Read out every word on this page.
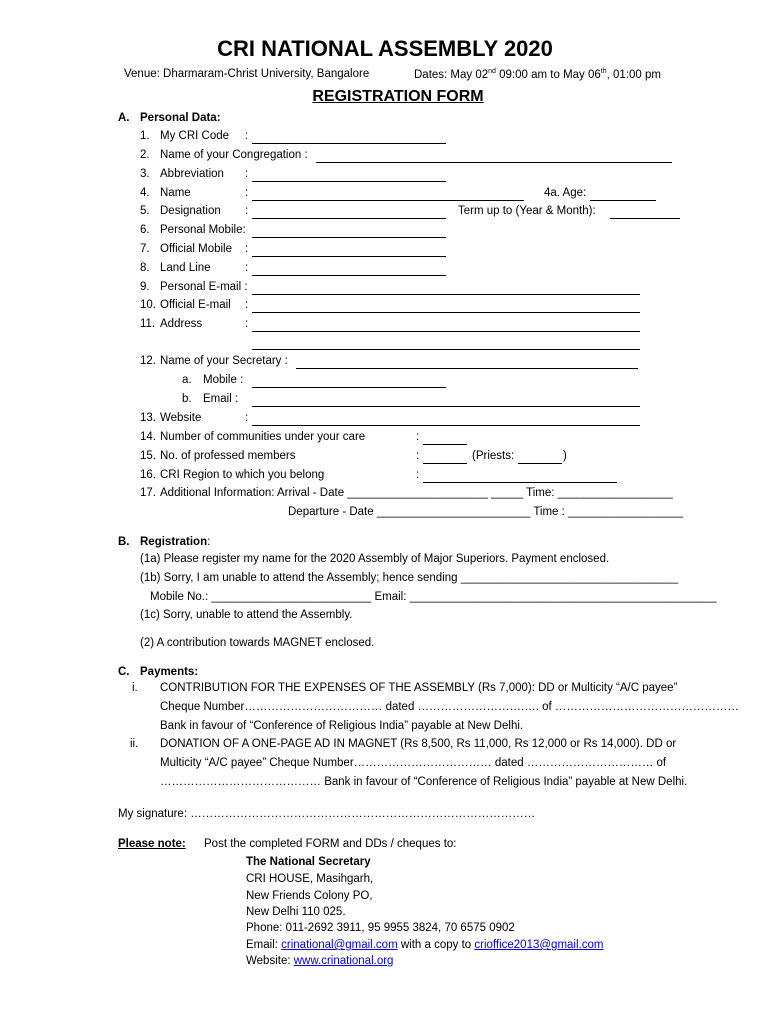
CRI NATIONAL ASSEMBLY 2020
Venue: Dharmaram-Christ University, Bangalore	Dates: May 02nd 09:00 am to May 06th, 01:00 pm
REGISTRATION FORM
A. Personal Data:
1. My CRI Code :
2. Name of your Congregation :
3. Abbreviation :
4. Name	:	4a. Age:
5. Designation :	Term up to (Year & Month):
6. Personal Mobile:
7. Official Mobile :
8. Land Line	:
9. Personal E-mail :
10. Official E-mail :
11. Address	:
12. Name of your Secretary :
a. Mobile :
b. Email :
13. Website	:
14. Number of communities under your care	:
15. No. of professed members	:	(Priests:	)
16. CRI Region to which you belong	:
17. Additional Information: Arrival - Date ______________________ _____ Time: __________________
Departure - Date ________________________ Time : __________________
B. Registration:
(1a) Please register my name for the 2020 Assembly of Major Superiors. Payment enclosed.
(1b) Sorry, I am unable to attend the Assembly; hence sending __________________________________
Mobile No.: _________________________ Email: ________________________________________________
(1c) Sorry, unable to attend the Assembly.
(2) A contribution towards MAGNET enclosed.
C. Payments:
i. CONTRIBUTION FOR THE EXPENSES OF THE ASSEMBLY (Rs 7,000): DD or Multicity “A/C payee”
Cheque Number……………………………… dated ……………………….…. of …………………………………………
Bank in favour of “Conference of Religious India” payable at New Delhi.
ii. DONATION OF A ONE-PAGE AD IN MAGNET (Rs 8,500, Rs 11,000, Rs 12,000 or Rs 14,000). DD or
Multicity “A/C payee” Cheque Number……………………………… dated …………………………… of
…………………………………… Bank in favour of “Conference of Religious India” payable at New Delhi.
My signature: ………………………………………………………………………………
Please note: Post the completed FORM and DDs / cheques to:
The National Secretary
CRI HOUSE, Masihgarh,
New Friends Colony PO,
New Delhi 110 025.
Phone: 011-2692 3911, 95 9955 3824, 70 6575 0902
Email: crinational@gmail.com with a copy to crioffice2013@gmail.com
Website: www.crinational.org
